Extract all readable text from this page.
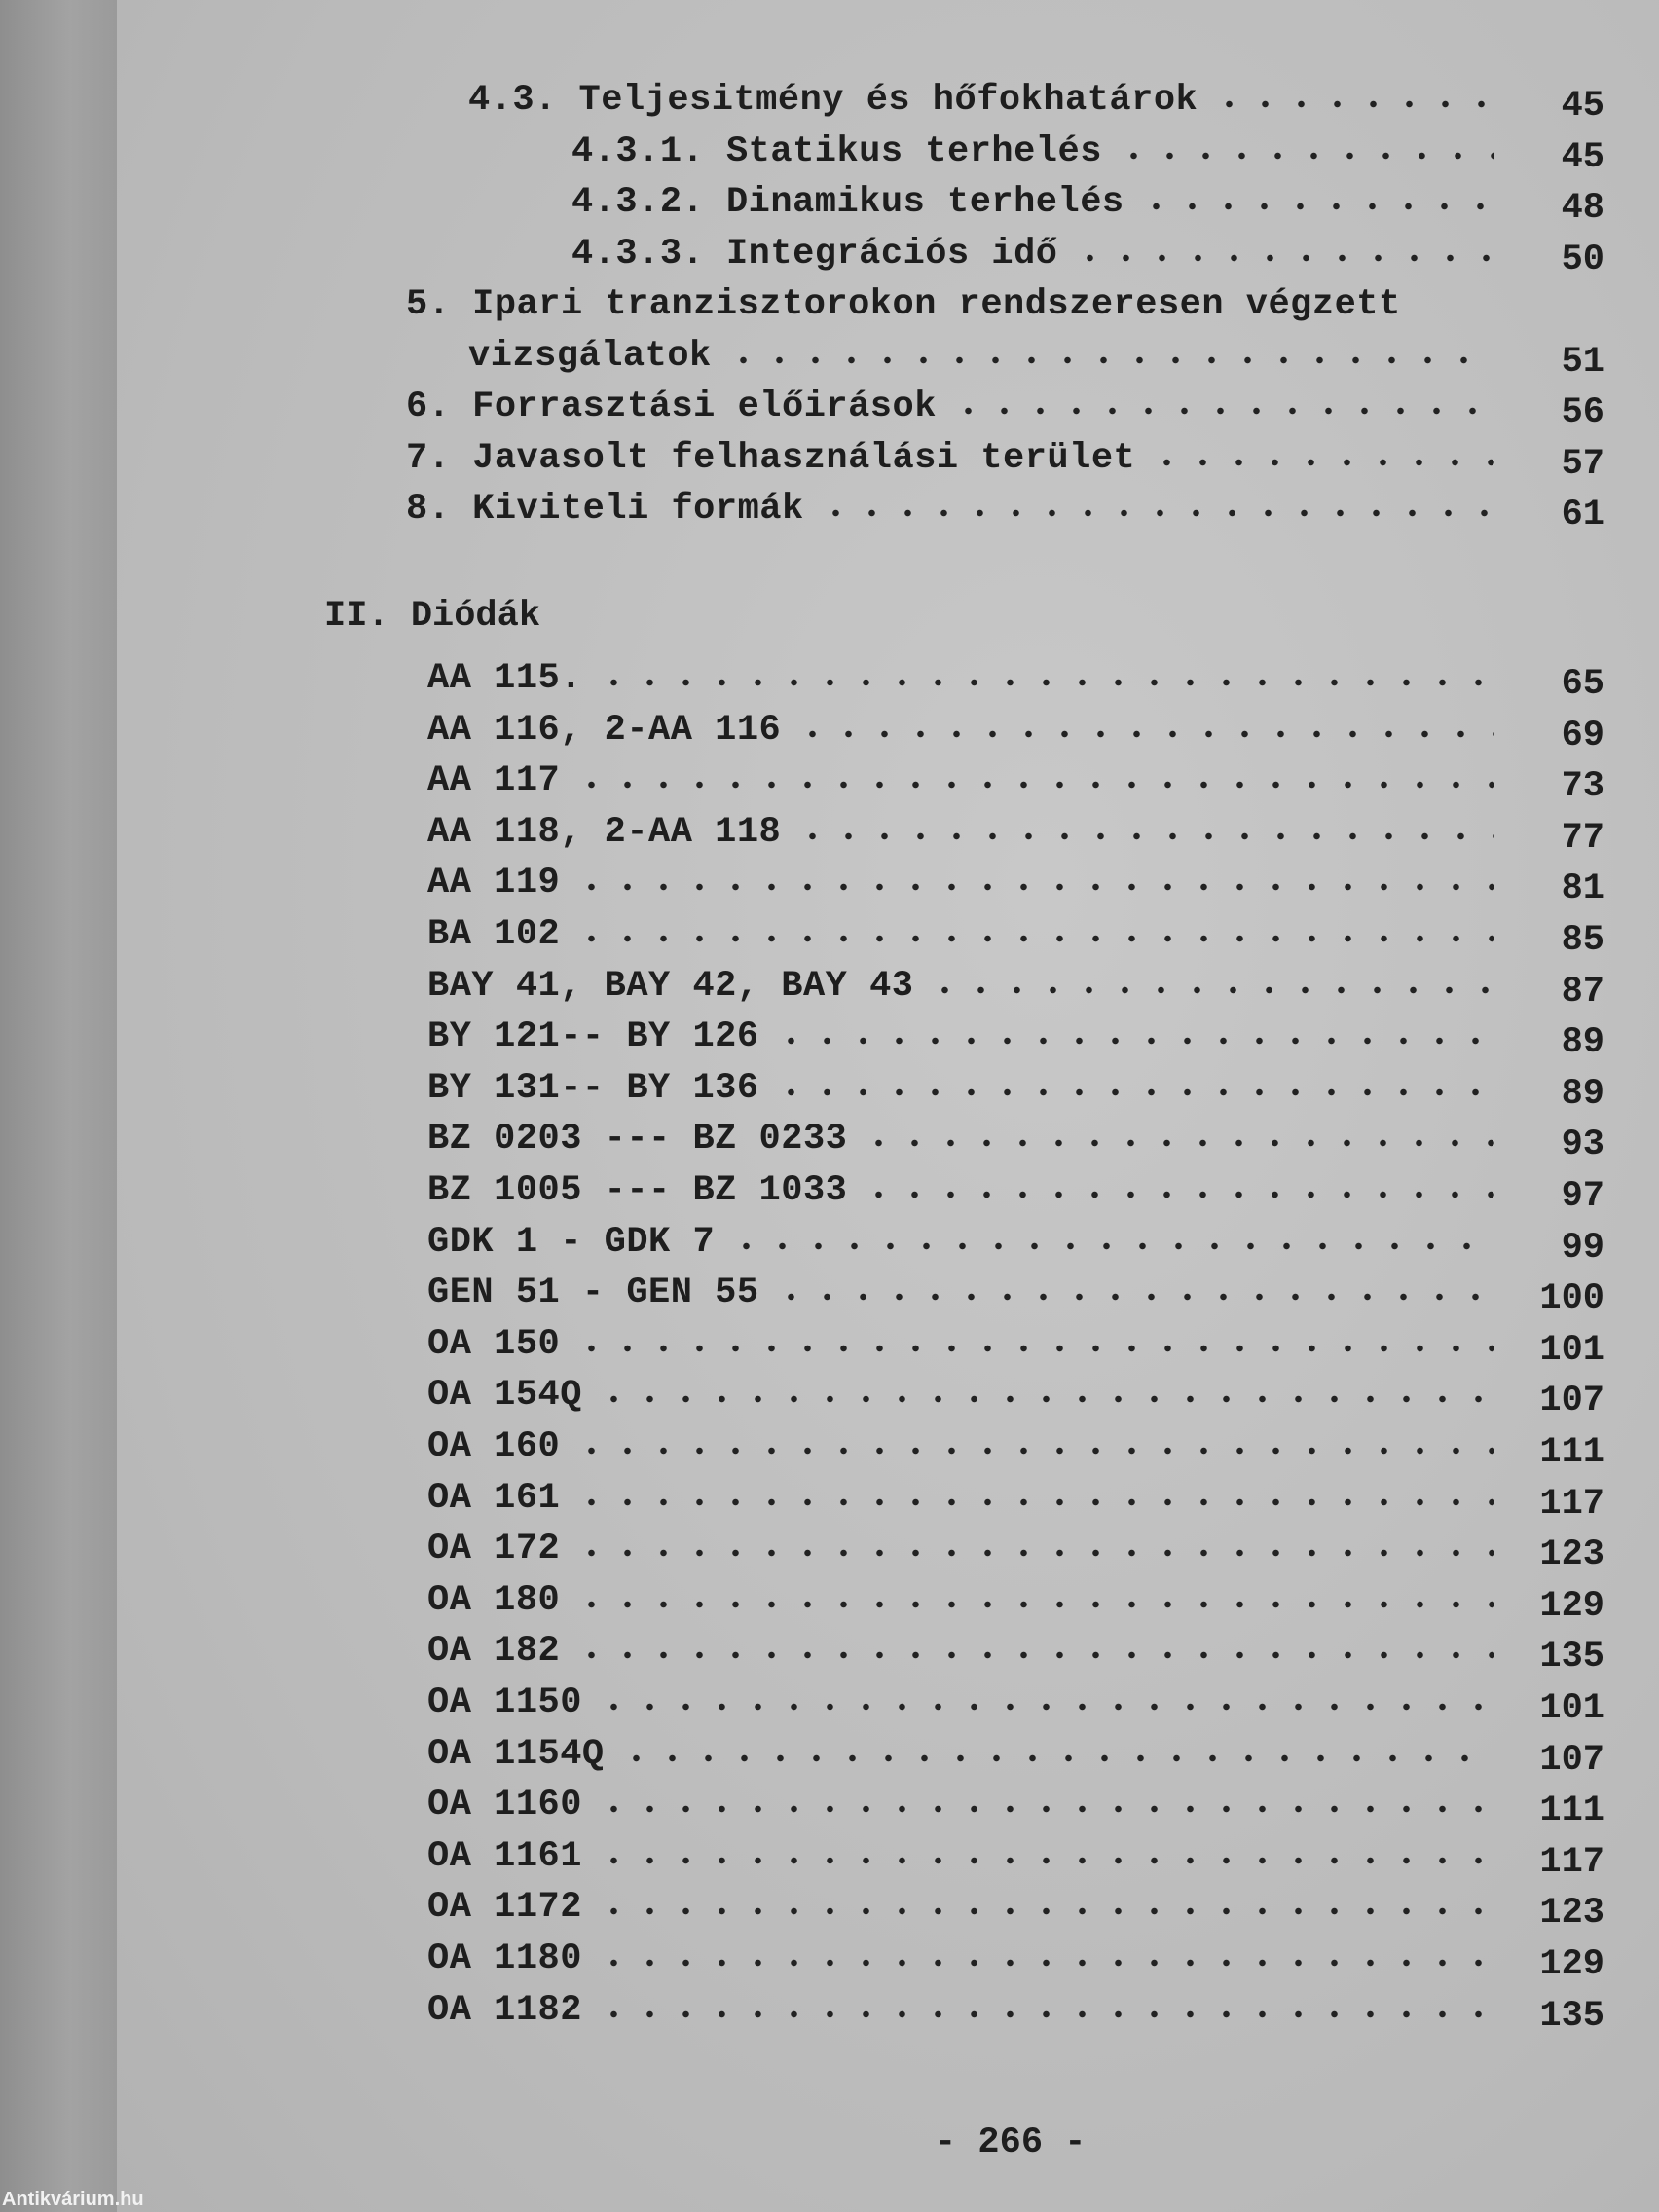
4.3. Teljesitmény és hőfokhatárok	45
4.3.1. Statikus terhelés	45
4.3.2. Dinamikus terhelés	48
4.3.3. Integrációs idő	50
5. Ipari tranzisztorokon rendszeresen végzett
vizsgálatok	51
6. Forrasztási előirások	56
7. Javasolt felhasználási terület	57
8. Kiviteli formák	61
AA 115.	65
AA 116, 2-AA 116	69
AA 117	73
AA 118, 2-AA 118	77
AA 119	81
BA 102	85
BAY 41, BAY 42, BAY 43	87
BY 121-- BY 126	89
BY 131-- BY 136	89
BZ 0203 --- BZ 0233	93
BZ 1005 --- BZ 1033	97
GDK 1 - GDK 7	99
GEN 51 - GEN 55	100
OA 150	101
OA 154Q	107
OA 160	111
OA 161	117
OA 172	123
OA 180	129
OA 182	135
OA 1150	101
OA 1154Q	107
OA 1160	111
OA 1161	117
OA 1172	123
OA 1180	129
OA 1182	135
II. Diódák
- 266 -
Antikvárium.hu
